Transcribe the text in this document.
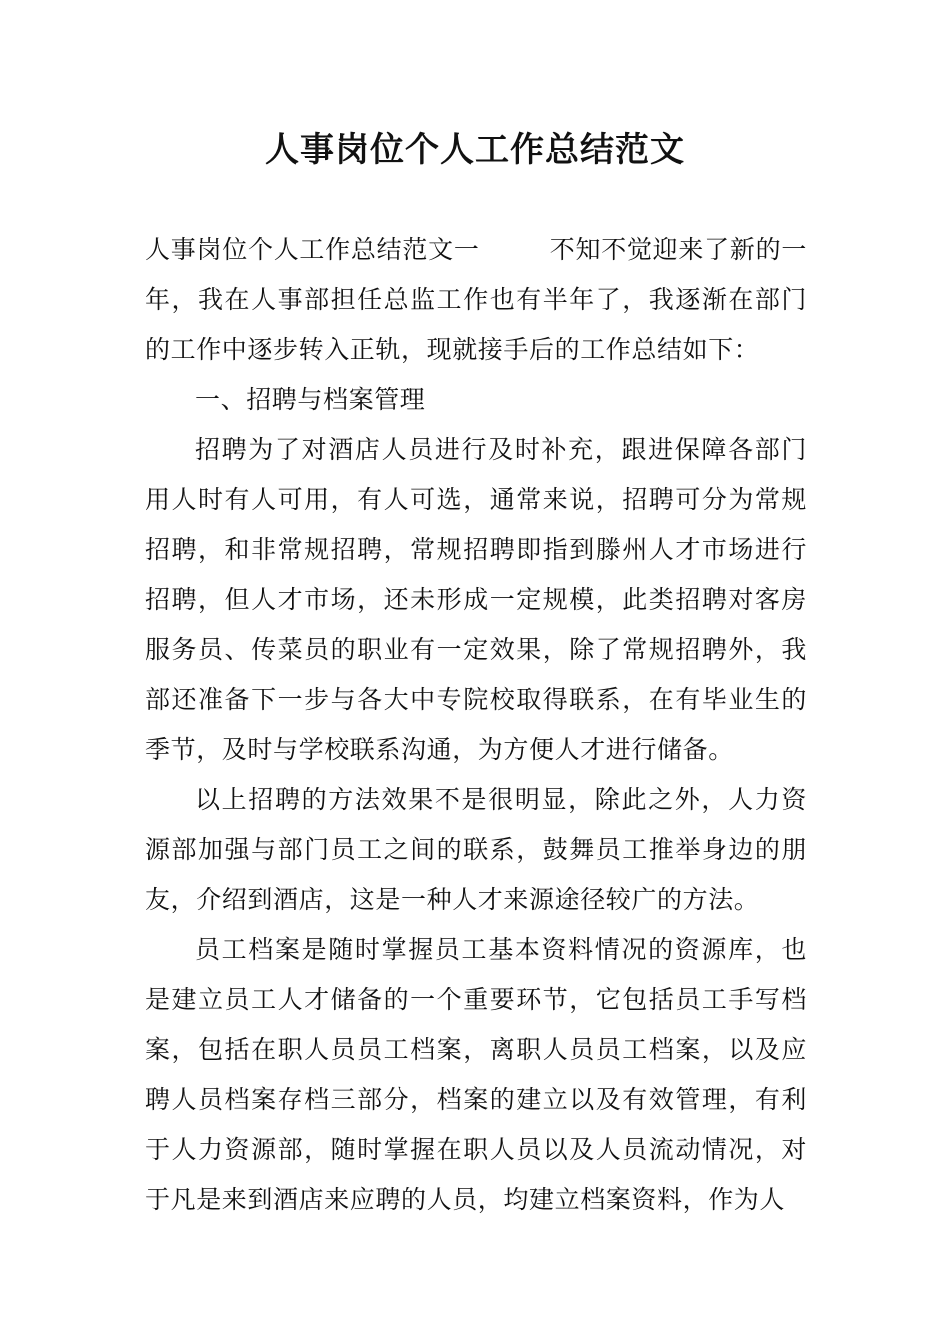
人事岗位个人工作总结范文

人事岗位个人工作总结范文一	不知不觉迎来了新的一年，我在人事部担任总监工作也有半年了，我逐渐在部门的工作中逐步转入正轨，现就接手后的工作总结如下：

一、招聘与档案管理

招聘为了对酒店人员进行及时补充，跟进保障各部门用人时有人可用，有人可选，通常来说，招聘可分为常规招聘，和非常规招聘，常规招聘即指到滕州人才市场进行招聘，但人才市场，还未形成一定规模，此类招聘对客房服务员、传菜员的职业有一定效果，除了常规招聘外，我部还准备下一步与各大中专院校取得联系，在有毕业生的季节，及时与学校联系沟通，为方便人才进行储备。

以上招聘的方法效果不是很明显，除此之外，人力资源部加强与部门员工之间的联系，鼓舞员工推举身边的朋友，介绍到酒店，这是一种人才来源途径较广的方法。

员工档案是随时掌握员工基本资料情况的资源库，也是建立员工人才储备的一个重要环节，它包括员工手写档案，包括在职人员员工档案，离职人员员工档案，以及应聘人员档案存档三部分，档案的建立以及有效管理，有利于人力资源部，随时掌握在职人员以及人员流动情况，对于凡是来到酒店来应聘的人员，均建立档案资料，作为人
